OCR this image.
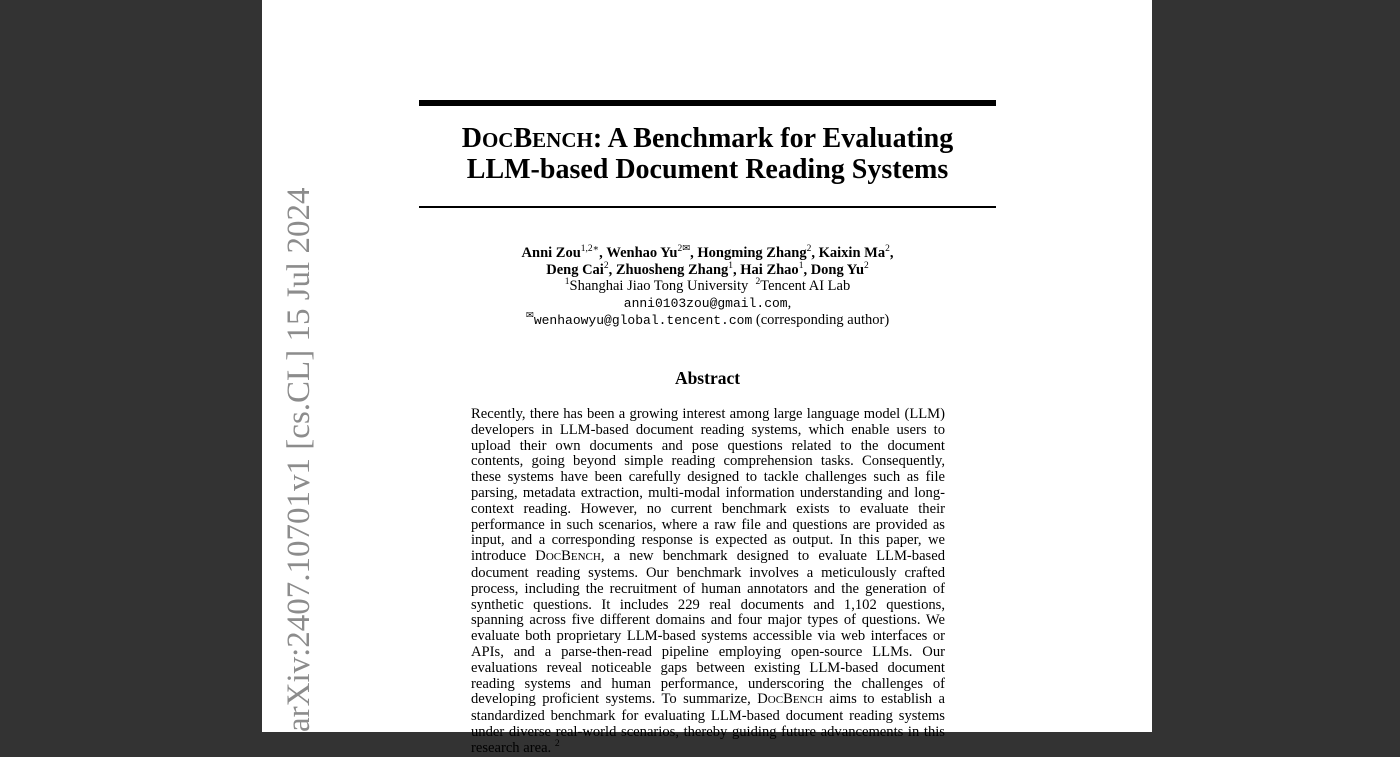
DOCBENCH: A Benchmark for Evaluating
LLM-based Document Reading Systems
Anni Zou$^{1,2∗}$, Wenhao $Yu^{2✉}$, Hongming Zhang$^2$, Kaixin Ma$^2$,
Deng Cai$^2$, Zhuosheng Zhang$^1$, Hai Zhao$^1$, Dong Yu$^2$
$^1$Shanghai Jiao Tong University $^2$Tencent AI Lab
anni0103zou@gmail.com,
✉wenhaowyu@global.tencent.com (corresponding author)
Abstract
Recently, there has been a growing interest among large language model (LLM) developers in LLM-based document reading systems, which enable users to upload their own documents and pose questions related to the document contents, going beyond simple reading comprehension tasks. Consequently, these systems have been carefully designed to tackle challenges such as file parsing, metadata extraction, multi-modal information understanding and long-context reading. However, no current benchmark exists to evaluate their performance in such scenarios, where a raw file and questions are provided as input, and a corresponding response is expected as output. In this paper, we introduce DOCBENCH, a new benchmark designed to evaluate LLM-based document reading systems. Our benchmark involves a meticulously crafted process, including the recruitment of human annotators and the generation of synthetic questions. It includes 229 real documents and 1,102 questions, spanning across five different domains and four major types of questions. We evaluate both proprietary LLM-based systems accessible via web interfaces or APIs, and a parse-then-read pipeline employing open-source LLMs. Our evaluations reveal noticeable gaps between existing LLM-based document reading systems and human performance, underscoring the challenges of developing proficient systems. To summarize, DOCBENCH aims to establish a standardized benchmark for evaluating LLM-based document reading systems under diverse real-world scenarios, thereby guiding future advancements in this research area. $^2$
arXiv:2407.10701v1 [cs.CL] 15 Jul 2024
